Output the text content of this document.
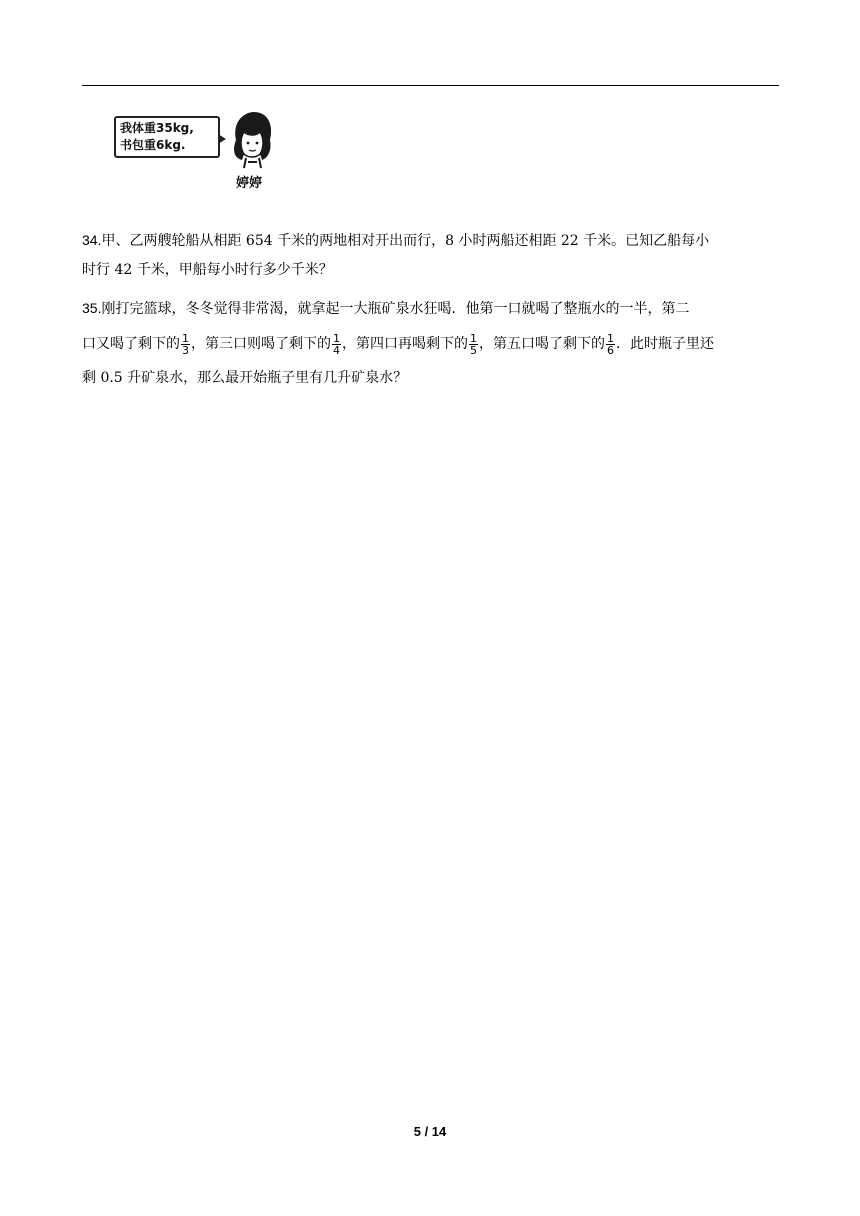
我体重35kg,
书包重6kg.
婷婷
34.甲、乙两艘轮船从相距 654 千米的两地相对开出而行，8 小时两船还相距 22 千米。已知乙船每小
时行 42 千米，甲船每小时行多少千米？
35.刚打完篮球，冬冬觉得非常渴，就拿起一大瓶矿泉水狂喝．他第一口就喝了整瓶水的一半，第二
口又喝了剩下的 $\frac{1}{3}$ ，第三口则喝了剩下的 $\frac{1}{4}$ ，第四口再喝剩下的 $\frac{1}{5}$ ，第五口喝了剩下的 $\frac{1}{6}$ ．此时瓶子里还
剩 0.5 升矿泉水，那么最开始瓶子里有几升矿泉水？
5 / 14
